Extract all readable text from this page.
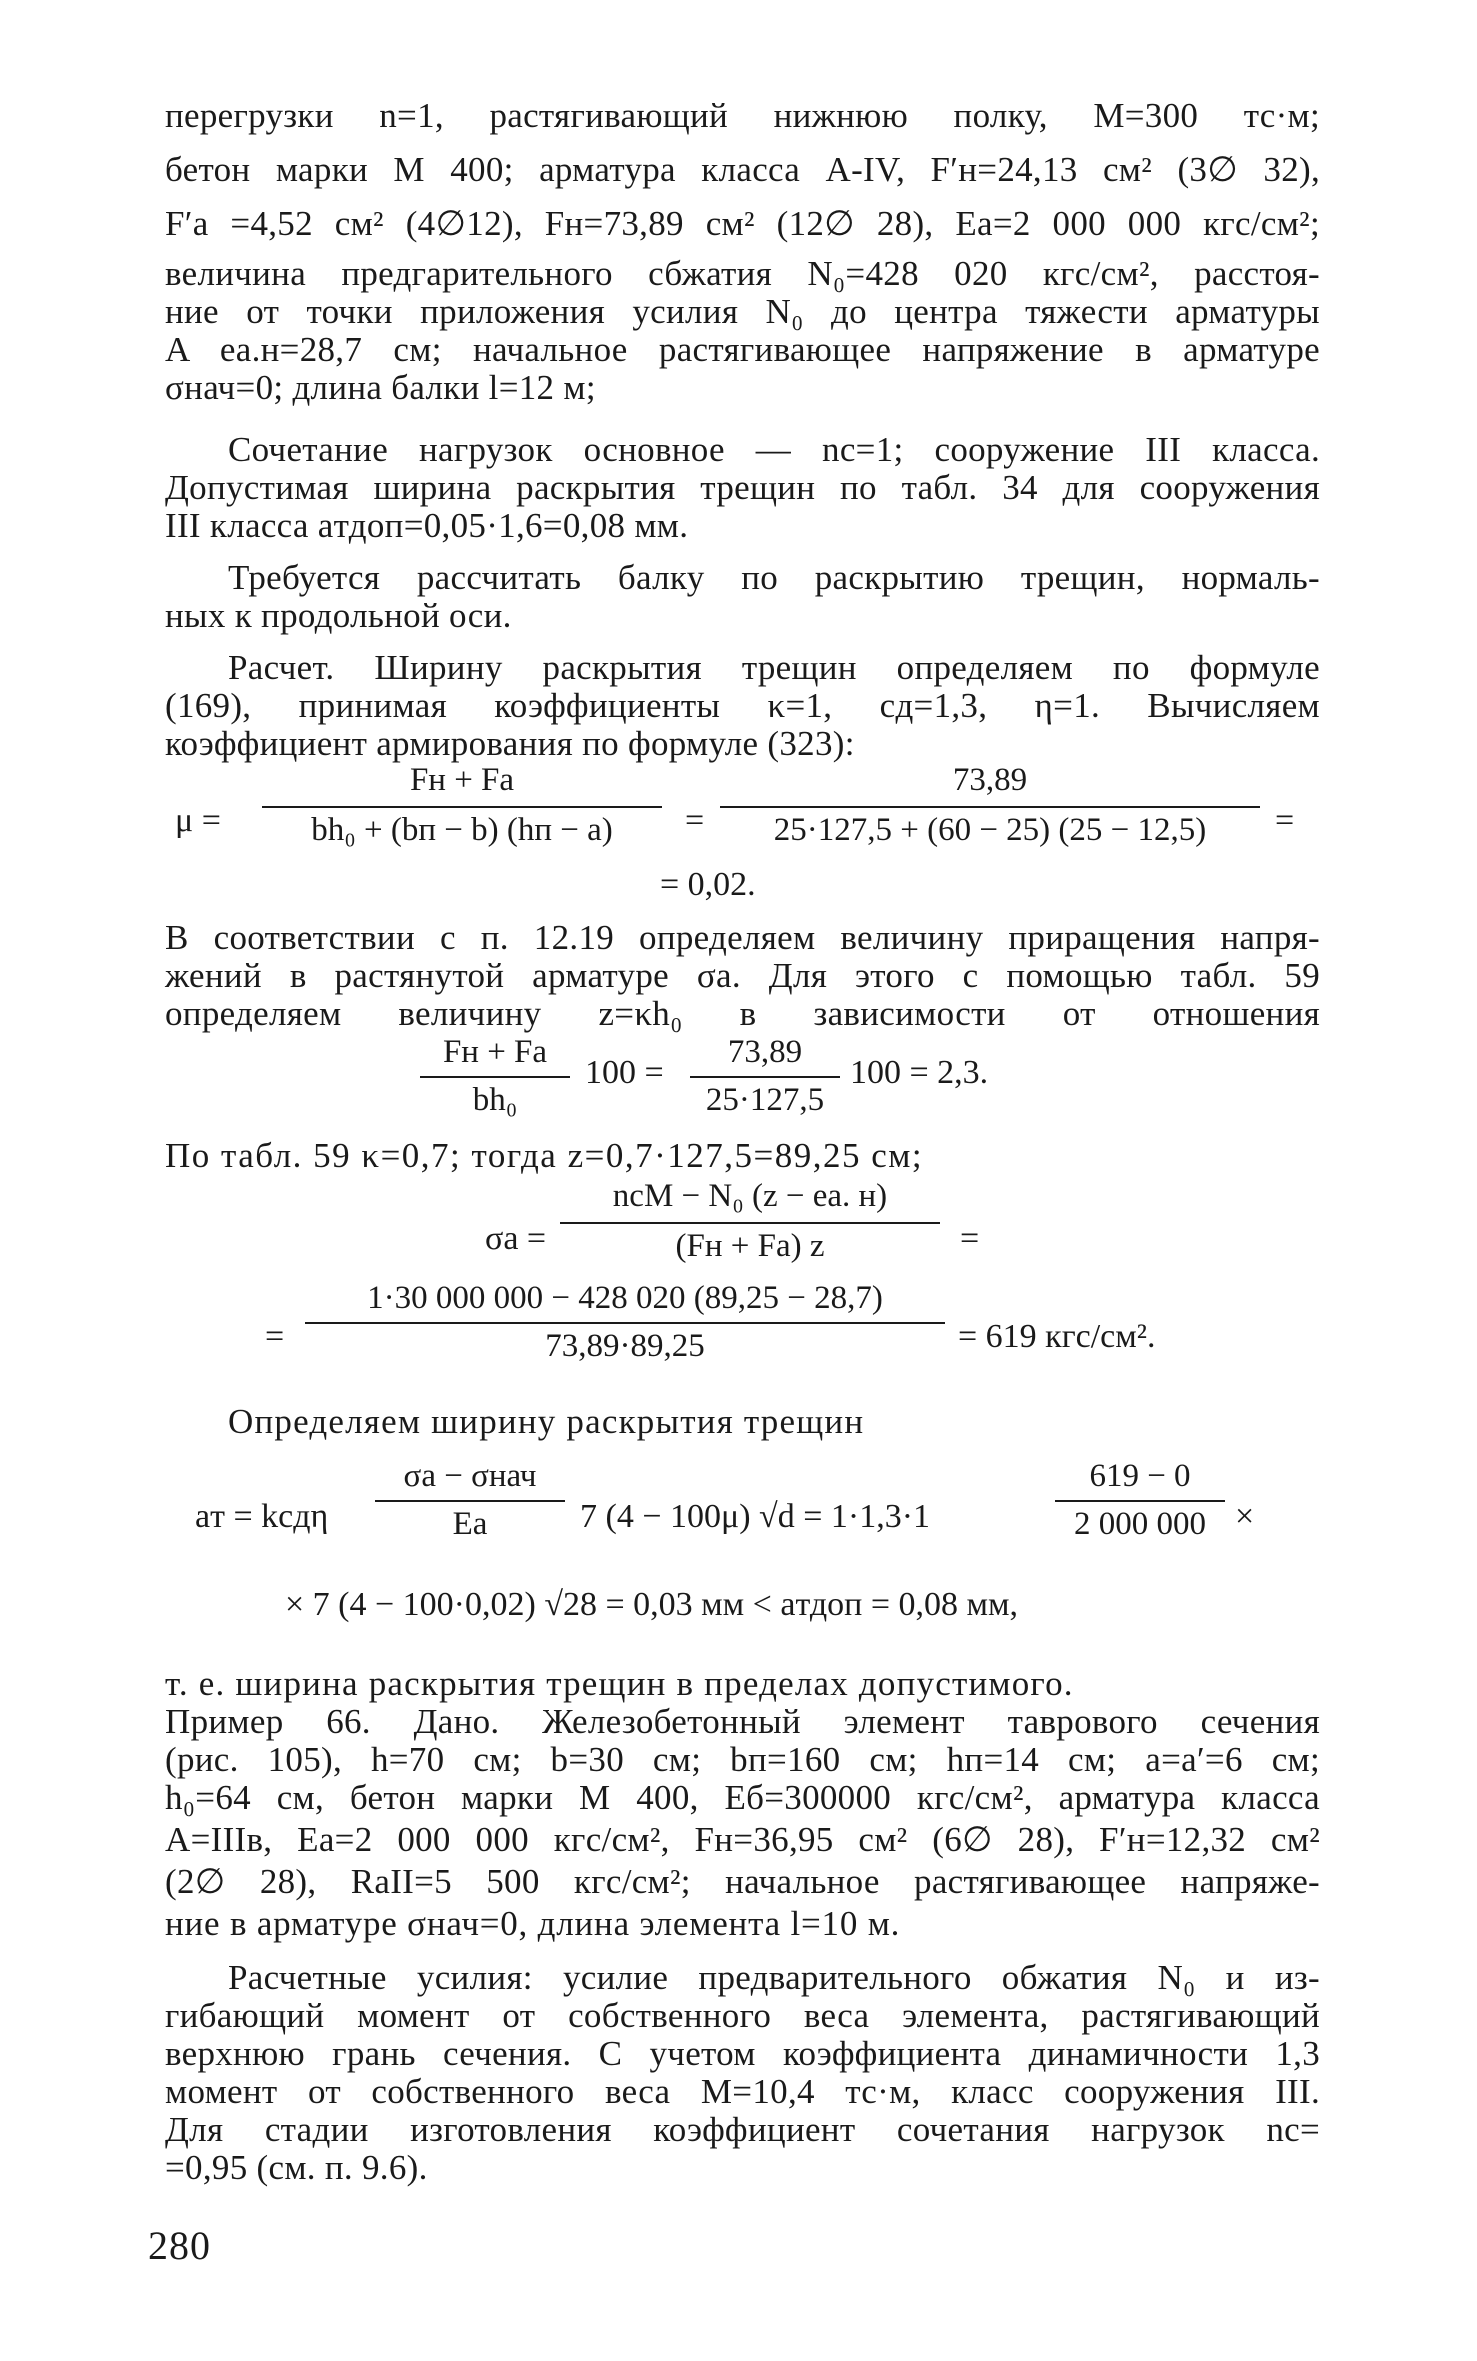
перегрузки n=1, растягивающий нижнюю полку, M=300 тс·м;
бетон марки М 400; арматура класса A-IV, F′н=24,13 см² (3∅ 32),
F′а =4,52 см² (4∅12), Fн=73,89 см² (12∅ 28), Eа=2 000 000 кгс/см²;
величина предгарительного сбжатия N₀=428 020 кгс/см², расстоя-
ние от точки приложения усилия N₀ до центра тяжести арматуры
A eа.н=28,7 см; начальное растягивающее напряжение в арматуре
σнач=0; длина балки l=12 м;
Сочетание нагрузок основное — nc=1; сооружение III класса.
Допустимая ширина раскрытия трещин по табл. 34 для сооружения
III класса aтдоп=0,05·1,6=0,08 мм.
Требуется рассчитать балку по раскрытию трещин, нормаль-
ных к продольной оси.
Расчет. Ширину раскрытия трещин определяем по формуле
(169), принимая коэффициенты κ=1, cд=1,3, η=1. Вычисляем
коэффициент армирования по формуле (323):
μ =
Fн + Fа
bh₀ + (bп − b) (hп − a)	=
73,89
25·127,5 + (60 − 25) (25 − 12,5)	=
= 0,02.
В соответствии с п. 12.19 определяем величину приращения напря-
жений в растянутой арматуре σа. Для этого с помощью табл. 59
определяем величину z=κh₀ в зависимости от отношения
Fн + Fа
bh₀
100 =
73,89
25·127,5
100 = 2,3.
По табл. 59 κ=0,7; тогда z=0,7·127,5=89,25 см;
σа =
ncM − N₀ (z − eа. н)
(Fн + Fа) z	=
=
1·30 000 000 − 428 020 (89,25 − 28,7)
73,89·89,25	= 619 кгс/см².
Определяем ширину раскрытия трещин
aт = kcдη
σа − σнач
Eа	7 (4 − 100μ) √d = 1·1,3·1
619 − 0
2 000 000 ×
× 7 (4 − 100·0,02) √28 = 0,03 мм < aтдоп = 0,08 мм,
т. е. ширина раскрытия трещин в пределах допустимого.
Пример 66. Дано. Железобетонный элемент таврового сечения
(рис. 105), h=70 см; b=30 см; bп=160 см; hп=14 см; a=a′=6 см;
h₀=64 см, бетон марки М 400, Eб=300000 кгс/см², арматура класса
A=IIIв, Eа=2 000 000 кгс/см², Fн=36,95 см² (6∅ 28), F′н=12,32 см²
(2∅ 28), RаII=5 500 кгс/см²; начальное растягивающее напряже-
ние в арматуре σнач=0, длина элемента l=10 м.
Расчетные усилия: усилие предварительного обжатия N₀ и из-
гибающий момент от собственного веса элемента, растягивающий
верхнюю грань сечения. С учетом коэффициента динамичности 1,3
момент от собственного веса M=10,4 тс·м, класс сооружения III.
Для стадии изготовления коэффициент сочетания нагрузок nc=
=0,95 (см. п. 9.6).
280
